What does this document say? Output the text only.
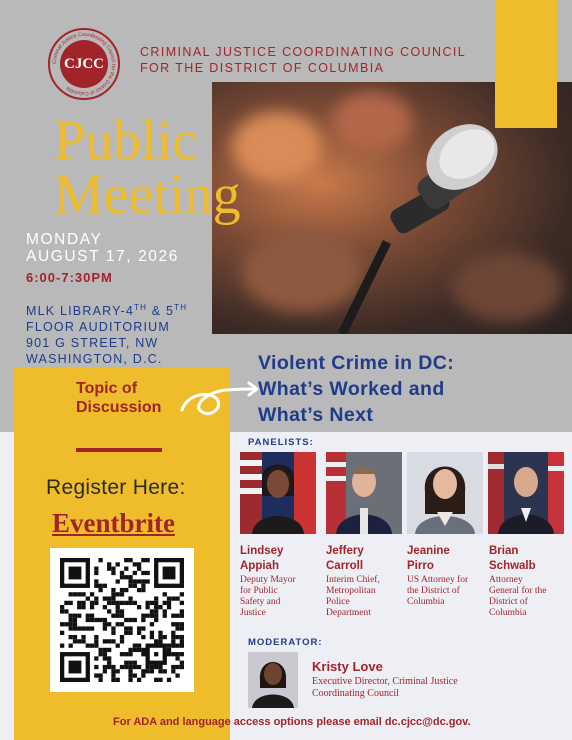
Criminal Justice Coordinating Council for the District of Columbia
CJCC
CRIMINAL JUSTICE COORDINATING COUNCIL
FOR THE DISTRICT OF COLUMBIA
Public
Meeting
MONDAY
AUGUST 17, 2026
6:00-7:30PM
MLK LIBRARY-4TH & 5TH
FLOOR AUDITORIUM
901 G STREET, NW
WASHINGTON, D.C.
Topic of
Discussion
Violent Crime in DC:
What’s Worked and
What’s Next
Register Here:
Eventbrite
PANELISTS:
Lindsey
Appiah
Deputy Mayor
for Public
Safety and
Justice
Jeffery
Carroll
Interim Chief,
Metropolitan
Police
Department
Jeanine
Pirro
US Attorney for
the District of
Columbia
Brian
Schwalb
Attorney
General for the
District of
Columbia
MODERATOR:
Kristy Love
Executive Director, Criminal Justice
Coordinating Council
For ADA and language access options please email dc.cjcc@dc.gov.
